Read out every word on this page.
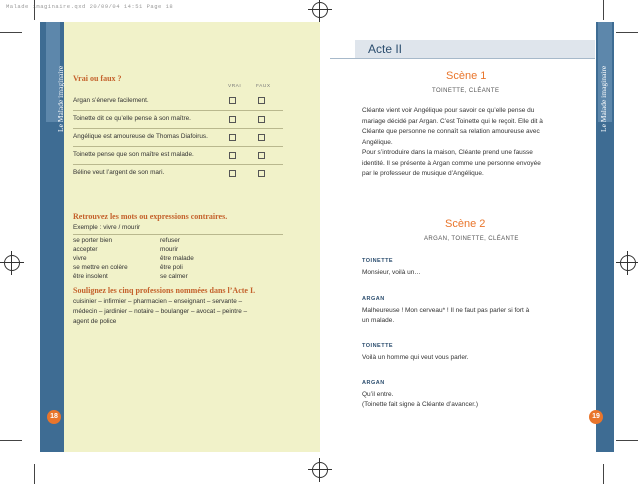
Malade imaginaire.qxd 20/09/04 14:51 Page 18
Le Malade imaginaire
18
Vrai ou faux ?
VRAI	FAUX
Argan s’énerve facilement.
Toinette dit ce qu’elle pense à son maître.
Angélique est amoureuse de Thomas Diafoirus.
Toinette pense que son maître est malade.
Béline veut l’argent de son mari.
Retrouvez les mots ou expressions contraires.
Exemple : vivre / mourir
se porter bien
accepter
vivre
se mettre en colère
être insolent
refuser
mourir
être malade
être poli
se calmer
Soulignez les cinq professions nommées dans l’Acte I.
cuisinier – infirmier – pharmacien – enseignant – servante –
médecin – jardinier – notaire – boulanger – avocat – peintre –
agent de police
Le Malade imaginaire
19
Acte II
Scène 1
TOINETTE, CLÉANTE
Cléante vient voir Angélique pour savoir ce qu’elle pense du
mariage décidé par Argan. C’est Toinette qui le reçoit. Elle dit à
Cléante que personne ne connaît sa relation amoureuse avec
Angélique.
Pour s’introduire dans la maison, Cléante prend une fausse
identité. Il se présente à Argan comme une personne envoyée
par le professeur de musique d’Angélique.
Scène 2
ARGAN, TOINETTE, CLÉANTE
TOINETTE
Monsieur, voilà un…
ARGAN
Malheureuse ! Mon cerveau* ! Il ne faut pas parler si fort à
un malade.
TOINETTE
Voilà un homme qui veut vous parler.
ARGAN
Qu’il entre.
(Toinette fait signe à Cléante d’avancer.)
